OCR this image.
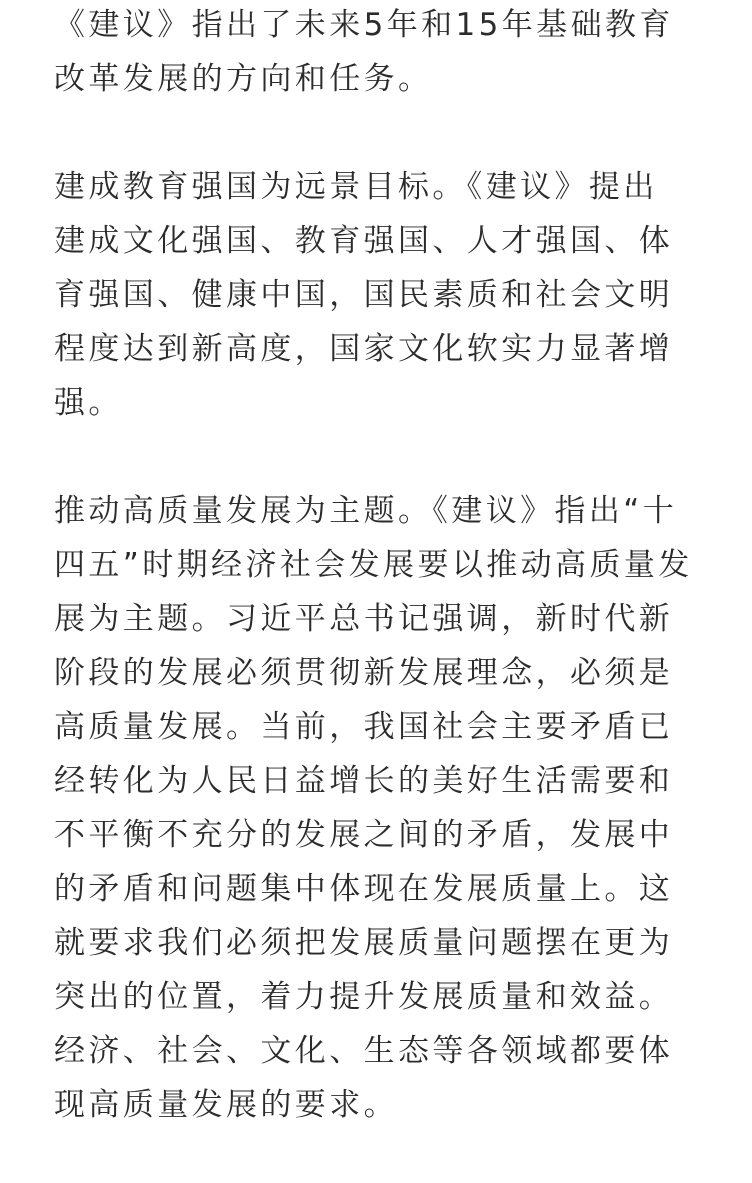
《建议》指出了未来5年和15年基础教育
改革发展的方向和任务。

建成教育强国为远景目标。《建议》提出
建成文化强国、教育强国、人才强国、体
育强国、健康中国，国民素质和社会文明
程度达到新高度，国家文化软实力显著增
强。

推动高质量发展为主题。《建议》指出“十
四五”时期经济社会发展要以推动高质量发
展为主题。习近平总书记强调，新时代新
阶段的发展必须贯彻新发展理念，必须是
高质量发展。当前，我国社会主要矛盾已
经转化为人民日益增长的美好生活需要和
不平衡不充分的发展之间的矛盾，发展中
的矛盾和问题集中体现在发展质量上。这
就要求我们必须把发展质量问题摆在更为
突出的位置，着力提升发展质量和效益。
经济、社会、文化、生态等各领域都要体
现高质量发展的要求。
